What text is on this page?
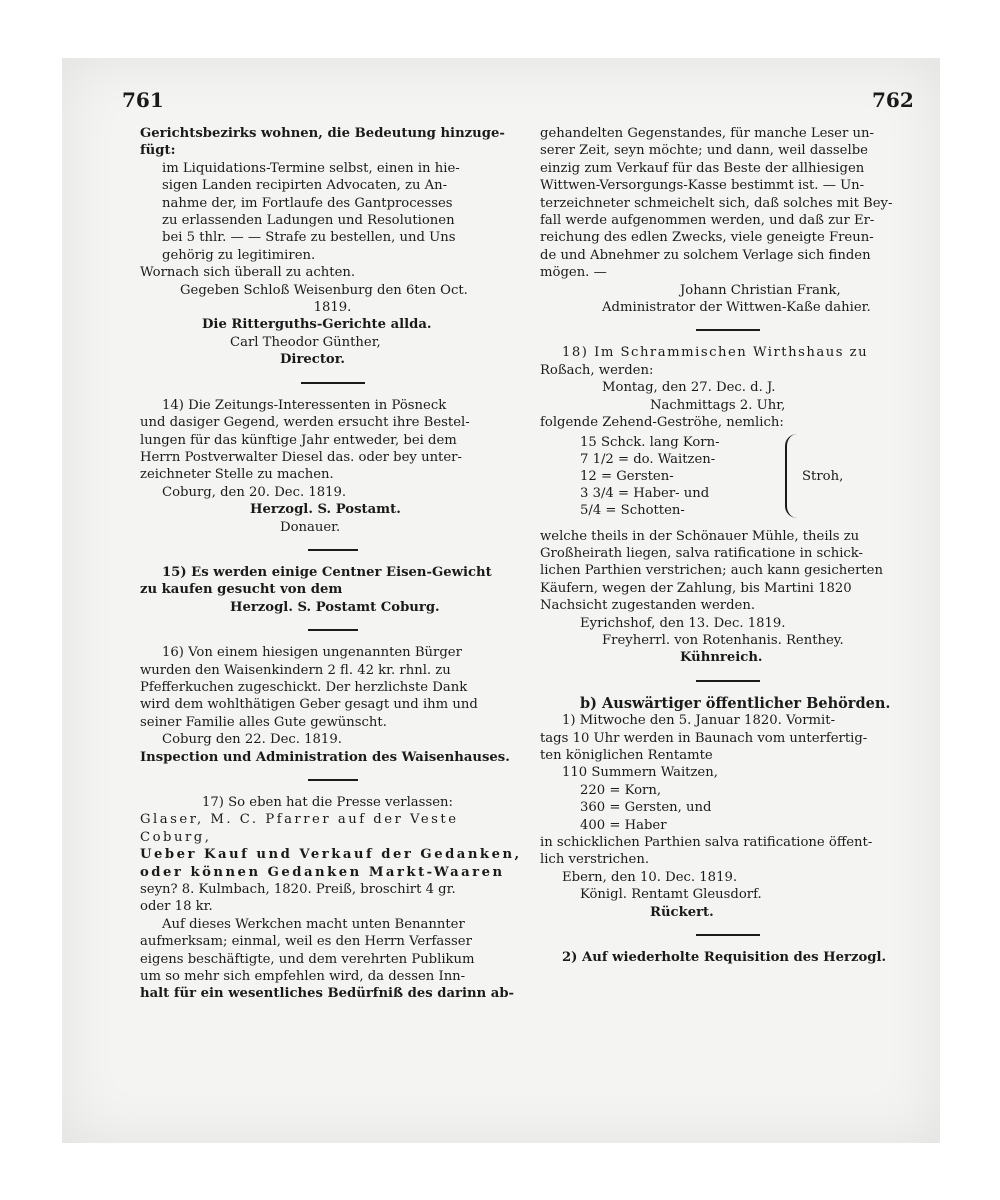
761	762

Gerichtsbezirks wohnen, die Bedeutung hinzuge-

fügt:

im Liquidations-Termine selbst, einen in hie-

sigen Landen recipirten Advocaten, zu An-

nahme der, im Fortlaufe des Gantprocesses

zu erlassenden Ladungen und Resolutionen

bei 5 thlr. — — Strafe zu bestellen, und Uns

gehörig zu legitimiren.

Wornach sich überall zu achten.

Gegeben Schloß Weisenburg den 6ten Oct.

1819.

Die Ritterguths-Gerichte allda.

Carl Theodor Günther,

Director.

14) Die Zeitungs-Interessenten in Pösneck

und dasiger Gegend, werden ersucht ihre Bestel-

lungen für das künftige Jahr entweder, bei dem

Herrn Postverwalter Diesel das. oder bey unter-

zeichneter Stelle zu machen.

Coburg, den 20. Dec. 1819.

Herzogl. S. Postamt.

Donauer.

15) Es werden einige Centner Eisen-Gewicht

zu kaufen gesucht von dem

Herzogl. S. Postamt Coburg.

16) Von einem hiesigen ungenannten Bürger

wurden den Waisenkindern 2 fl. 42 kr. rhnl. zu

Pfefferkuchen zugeschickt. Der herzlichste Dank

wird dem wohlthätigen Geber gesagt und ihm und

seiner Familie alles Gute gewünscht.

Coburg den 22. Dec. 1819.

Inspection und Administration des Waisenhauses.

17) So eben hat die Presse verlassen:

Glaser, M. C. Pfarrer auf der Veste Coburg,

Ueber Kauf und Verkauf der Gedanken,

oder können Gedanken Markt-Waaren

seyn? 8. Kulmbach, 1820. Preiß, broschirt 4 gr.

oder 18 kr.

Auf dieses Werkchen macht unten Benannter

aufmerksam; einmal, weil es den Herrn Verfasser

eigens beschäftigte, und dem verehrten Publikum

um so mehr sich empfehlen wird, da dessen Inn-

halt für ein wesentliches Bedürfniß des darinn ab-

gehandelten Gegenstandes, für manche Leser un-

serer Zeit, seyn möchte; und dann, weil dasselbe

einzig zum Verkauf für das Beste der allhiesigen

Wittwen-Versorgungs-Kasse bestimmt ist. — Un-

terzeichneter schmeichelt sich, daß solches mit Bey-

fall werde aufgenommen werden, und daß zur Er-

reichung des edlen Zwecks, viele geneigte Freun-

de und Abnehmer zu solchem Verlage sich finden

mögen. —

Johann Christian Frank,

Administrator der Wittwen-Kaße dahier.

18) Im Schrammischen Wirthshaus zu

Roßach, werden:

Montag, den 27. Dec. d. J.

Nachmittags 2. Uhr,

folgende Zehend-Geströhe, nemlich:

15 Schck. lang Korn-
7 1/2 = do. Waitzen-
12 = Gersten-
3 3/4 = Haber- und
5/4 = Schotten-
Stroh,

welche theils in der Schönauer Mühle, theils zu

Großheirath liegen, salva ratificatione in schick-

lichen Parthien verstrichen; auch kann gesicherten

Käufern, wegen der Zahlung, bis Martini 1820

Nachsicht zugestanden werden.

Eyrichshof, den 13. Dec. 1819.

Freyherrl. von Rotenhanis. Renthey.

Kühnreich.

b) Auswärtiger öffentlicher Behörden.

1) Mitwoche den 5. Januar 1820. Vormit-

tags 10 Uhr werden in Baunach vom unterfertig-

ten königlichen Rentamte

110 Summern Waitzen,

220 = Korn,

360 = Gersten, und

400 = Haber

in schicklichen Parthien salva ratificatione öffent-

lich verstrichen.

Ebern, den 10. Dec. 1819.

Königl. Rentamt Gleusdorf.

Rückert.

2) Auf wiederholte Requisition des Herzogl.
